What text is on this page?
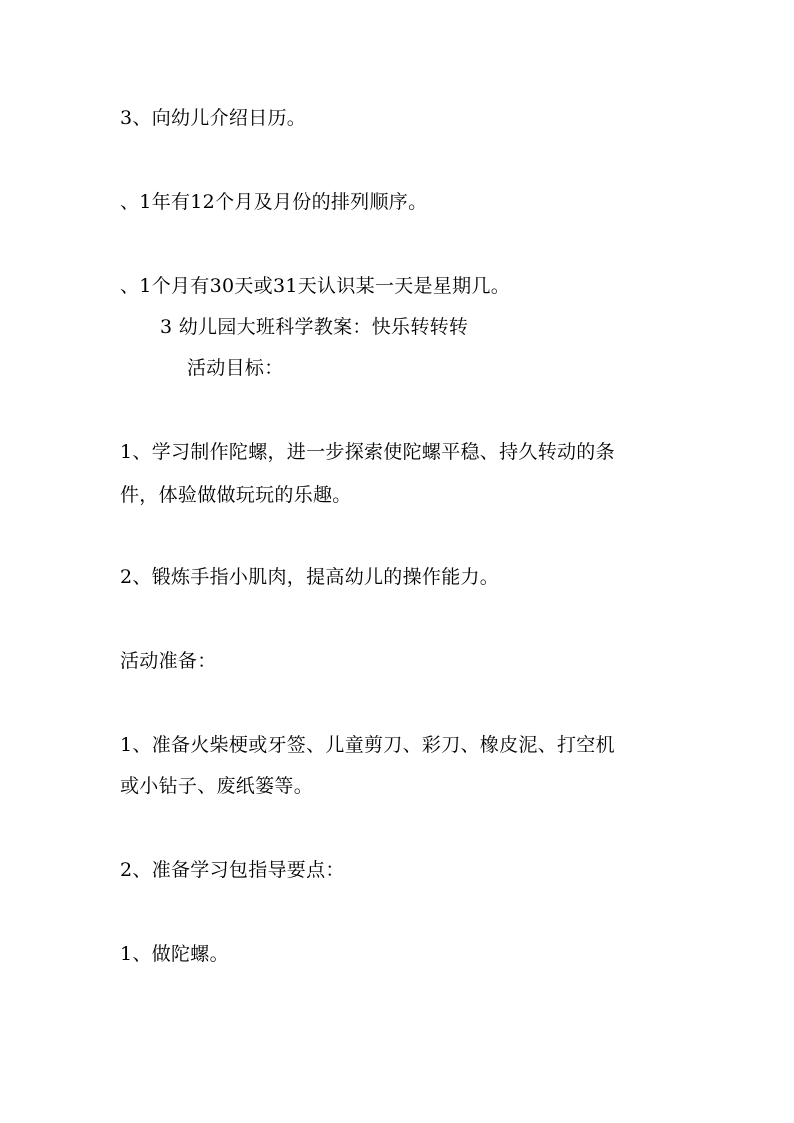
3、向幼儿介绍日历。
、1年有12个月及月份的排列顺序。
、1个月有30天或31天认识某一天是星期几。
3 幼儿园大班科学教案：快乐转转转
活动目标：
1、学习制作陀螺，进一步探索使陀螺平稳、持久转动的条
件，体验做做玩玩的乐趣。
2、锻炼手指小肌肉，提高幼儿的操作能力。
活动准备：
1、准备火柴梗或牙签、儿童剪刀、彩刀、橡皮泥、打空机
或小钻子、废纸篓等。
2、准备学习包指导要点：
1、做陀螺。
